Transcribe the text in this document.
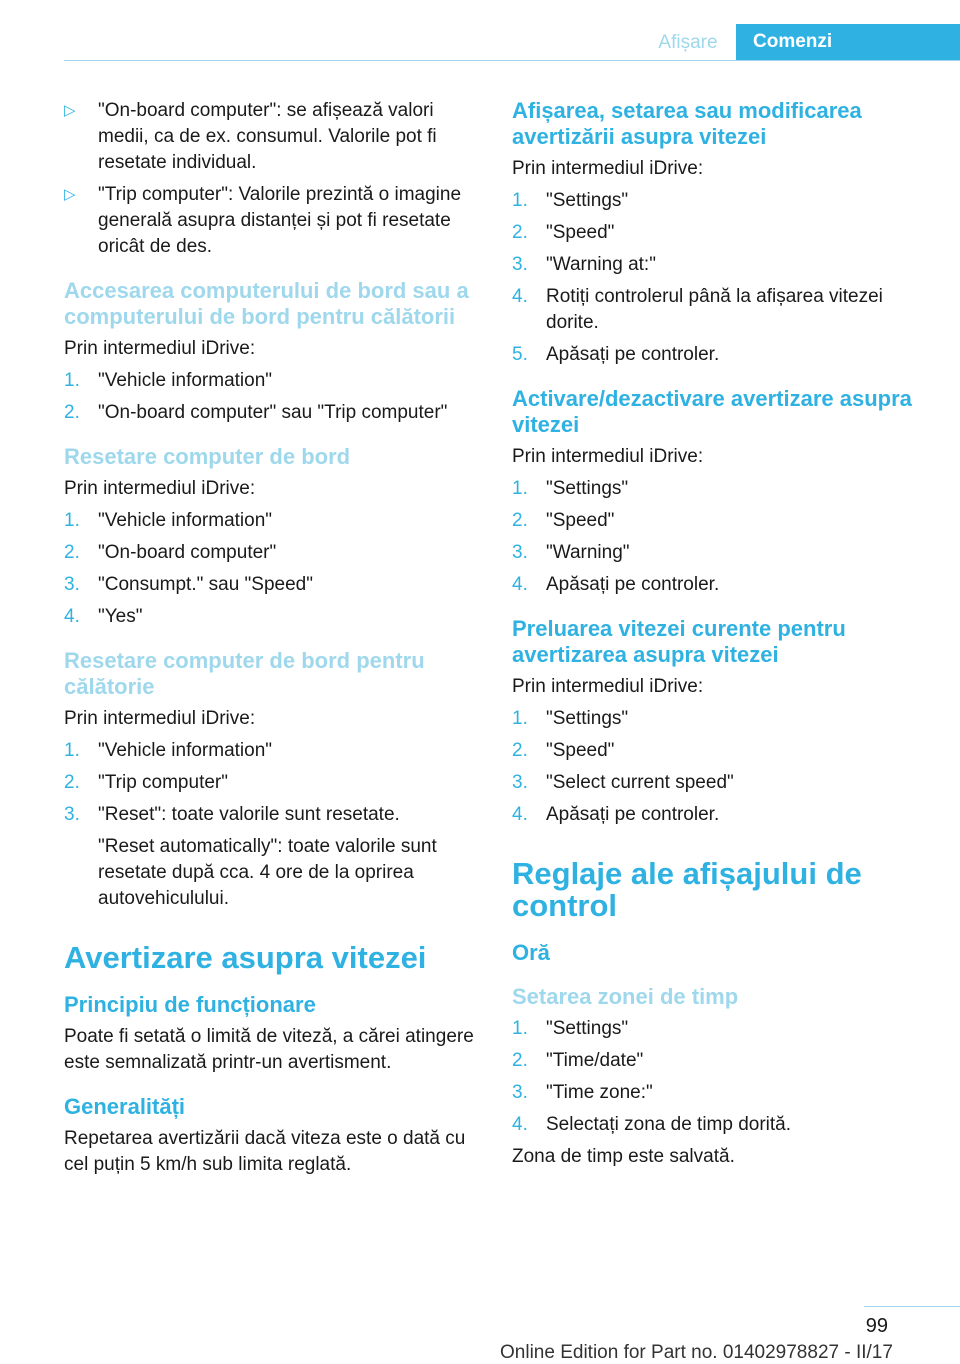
Afișare	Comenzi
▷ "On-board computer": se afișează valori medii, ca de ex. consumul. Valorile pot fi resetate individual.
▷ "Trip computer": Valorile prezintă o imagine generală asupra distanței și pot fi resetate oricât de des.
Accesarea computerului de bord sau a computerului de bord pentru călătorii
Prin intermediul iDrive:
1. "Vehicle information"
2. "On-board computer" sau "Trip computer"
Resetare computer de bord
Prin intermediul iDrive:
1. "Vehicle information"
2. "On-board computer"
3. "Consumpt." sau "Speed"
4. "Yes"
Resetare computer de bord pentru călătorie
Prin intermediul iDrive:
1. "Vehicle information"
2. "Trip computer"
3. "Reset": toate valorile sunt resetate.
"Reset automatically": toate valorile sunt resetate după cca. 4 ore de la oprirea autovehiculului.
Avertizare asupra vitezei
Principiu de funcționare
Poate fi setată o limită de viteză, a cărei atingere este semnalizată printr-un avertisment.
Generalități
Repetarea avertizării dacă viteza este o dată cu cel puțin 5 km/h sub limita reglată.
Afișarea, setarea sau modificarea avertizării asupra vitezei
Prin intermediul iDrive:
1. "Settings"
2. "Speed"
3. "Warning at:"
4. Rotiți controlerul până la afișarea vitezei dorite.
5. Apăsați pe controler.
Activare/dezactivare avertizare asupra vitezei
Prin intermediul iDrive:
1. "Settings"
2. "Speed"
3. "Warning"
4. Apăsați pe controler.
Preluarea vitezei curente pentru avertizarea asupra vitezei
Prin intermediul iDrive:
1. "Settings"
2. "Speed"
3. "Select current speed"
4. Apăsați pe controler.
Reglaje ale afișajului de control
Oră
Setarea zonei de timp
1. "Settings"
2. "Time/date"
3. "Time zone:"
4. Selectați zona de timp dorită.
Zona de timp este salvată.
99
Online Edition for Part no. 01402978827 - II/17
